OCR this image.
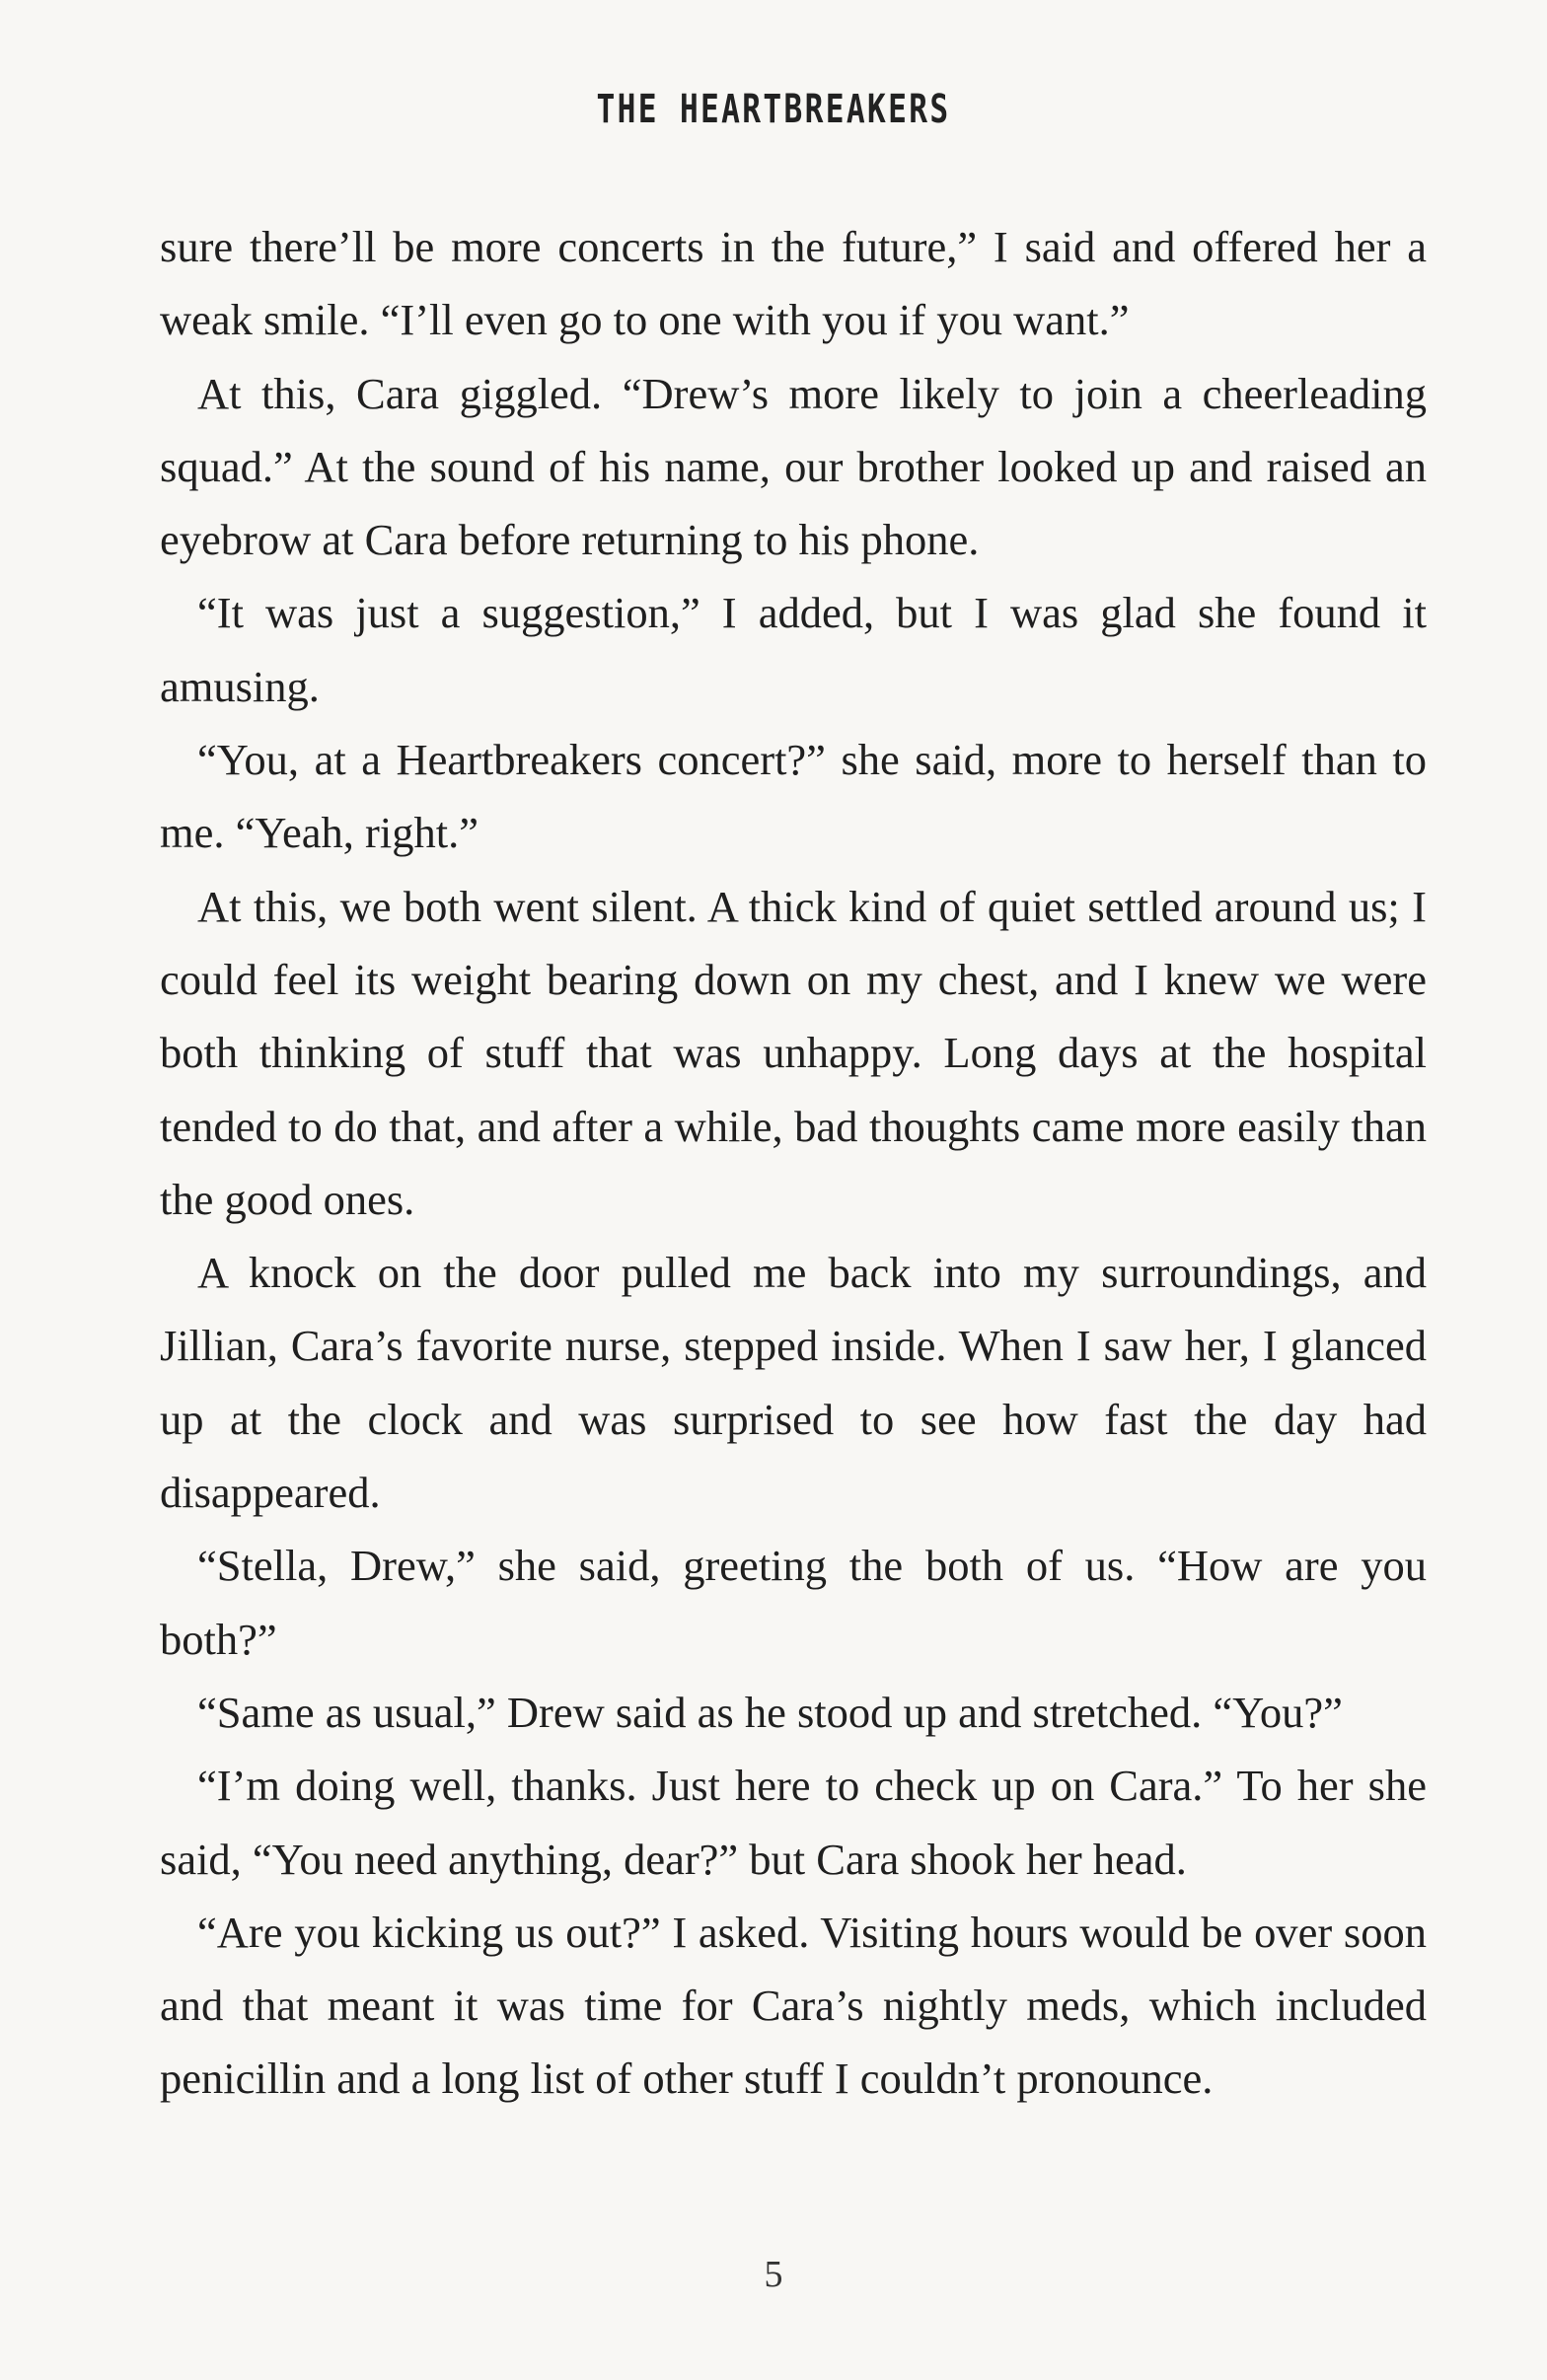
THE HEARTBREAKERS

sure there’ll be more concerts in the future,” I said and offered her a weak smile. “I’ll even go to one with you if you want.”

At this, Cara giggled. “Drew’s more likely to join a cheerleading squad.” At the sound of his name, our brother looked up and raised an eyebrow at Cara before returning to his phone.

“It was just a suggestion,” I added, but I was glad she found it amusing.

“You, at a Heartbreakers concert?” she said, more to herself than to me. “Yeah, right.”

At this, we both went silent. A thick kind of quiet settled around us; I could feel its weight bearing down on my chest, and I knew we were both thinking of stuff that was unhappy. Long days at the hospital tended to do that, and after a while, bad thoughts came more easily than the good ones.

A knock on the door pulled me back into my surroundings, and Jillian, Cara’s favorite nurse, stepped inside. When I saw her, I glanced up at the clock and was surprised to see how fast the day had disappeared.

“Stella, Drew,” she said, greeting the both of us. “How are you both?”

“Same as usual,” Drew said as he stood up and stretched. “You?”

“I’m doing well, thanks. Just here to check up on Cara.” To her she said, “You need anything, dear?” but Cara shook her head.

“Are you kicking us out?” I asked. Visiting hours would be over soon and that meant it was time for Cara’s nightly meds, which included penicillin and a long list of other stuff I couldn’t pronounce.

5
